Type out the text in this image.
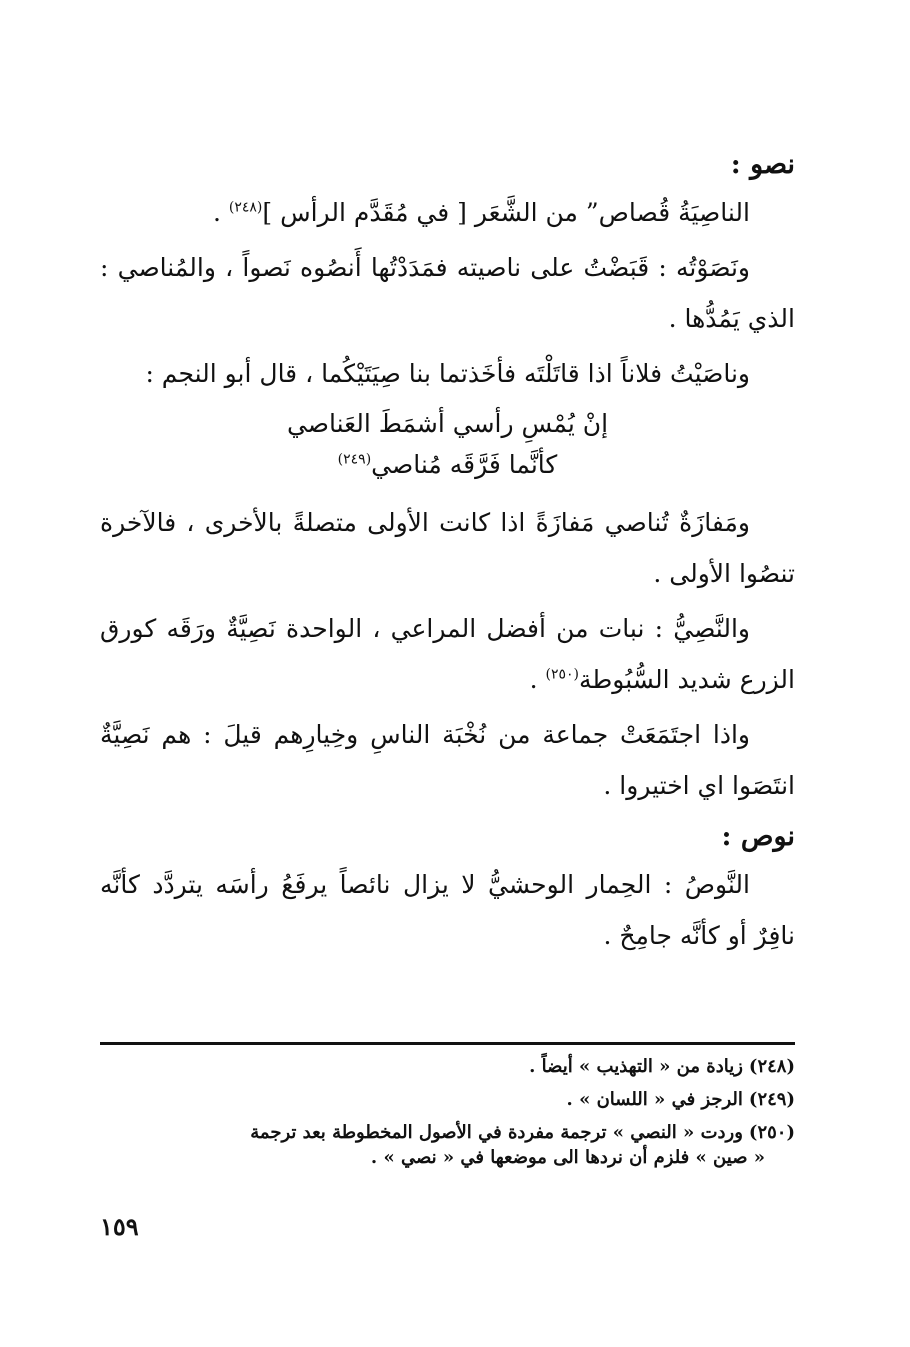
نصو :

الناصِيَةُ قُصاص” من الشَّعَر [ في مُقَدَّم الرأس ]$^{(٢٤٨)}$ .

ونَصَوْتُه : قَبَضْتُ على ناصيته فمَدَدْتُها أَنصُوه نَصواً ، والمُناصي : الذي يَمُدُّها .

وناصَيْتُ فلاناً اذا قاتَلْتَه فأخَذتما بنا صِيَتَيْكُما ، قال أبو النجم :

إنْ يُمْسِ رأسي أشمَطَ العَناصي
كأنَّما فَرَّقَه مُناصي$^{(٢٤٩)}$

ومَفازَةٌ تُناصي مَفازَةً اذا كانت الأولى متصلةً بالأخرى ، فالآخرة تنصُوا الأولى .

والنَّصِيُّ : نبات من أفضل المراعي ، الواحدة نَصِيَّةٌ ورَقَه كورق الزرع شديد السُّبُوطة$^{(٢٥٠)}$ .

واذا اجتَمَعَتْ جماعة من نُخْبَة الناسِ وخِيارِهم قيلَ : هم نَصِيَّةٌ انتَصَوا اي اختيروا .

نوص :

النَّوصُ : الحِمار الوحشيُّ لا يزال نائصاً يرفَعُ رأسَه يتردَّد كأنَّه نافِرٌ أو كأنَّه جامِحٌ .

(٢٤٨)زيادة من « التهذيب » أيضاً .

(٢٤٩)الرجز في « اللسان » .

(٢٥٠)وردت « النصي » ترجمة مفردة في الأصول المخطوطة بعد ترجمة

« صين » فلزم أن نردها الى موضعها في « نصي » .

١٥٩
